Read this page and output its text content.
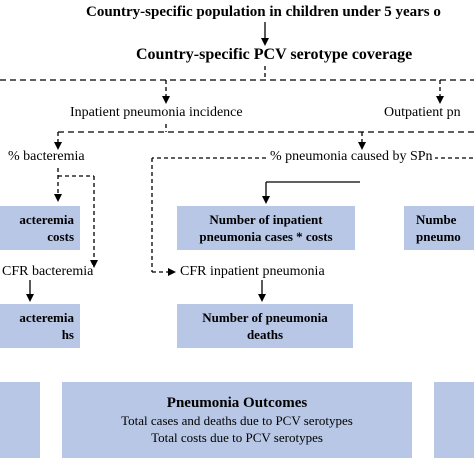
Country-specific population in children under 5 years o
Country-specific PCV serotype coverage
Inpatient pneumonia incidence	Outpatient pn
% bacteremia	% pneumonia caused by SPn
acteremia
costs
Number of inpatient
pneumonia cases * costs
Numbe
pneumo
CFR bacteremia	CFR inpatient pneumonia
acteremia
hs
Number of pneumonia
deaths
Pneumonia Outcomes
Total cases and deaths due to PCV serotypes
Total costs due to PCV serotypes
